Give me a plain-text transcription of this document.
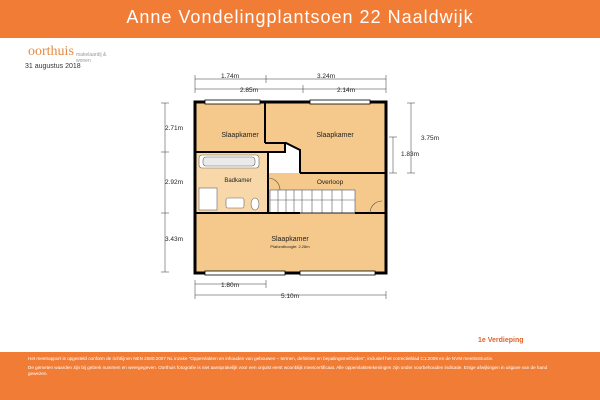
Anne Vondelingplantsoen 22 Naaldwijk
oorthuis makelaardij & wonen
31 augustus 2018
Slaapkamer	Slaapkamer
Badkamer	Overloop
Slaapkamer
Plafondhoogte: 2.28m
1.74m	3.24m
2.85m	2.14m
2.71m
2.92m
3.43m
3.75m
1.83m
1.80m
5.10m
1e Verdieping

Het meetrapport is opgesteld conform de richtlijnen NEN 2580:2007 NL inzake "Oppervlakten en inhouden van gebouwen – termen, definities en bepalingsmethoden", inclusief het correctieblad C1:2008 en de NVM meetinstructie.

De gemeten waarden zijn bij gebrek nummen en weergegeven. Oorthuis fotografie is niet aansprakelijk voor een onjuist eerst woonblijk meetcertificaat. Alle oppervlaktetekeningen zijn onder voorbehouden indicatie. Enige afwijkingen in uitgave van de hand gewezen.
